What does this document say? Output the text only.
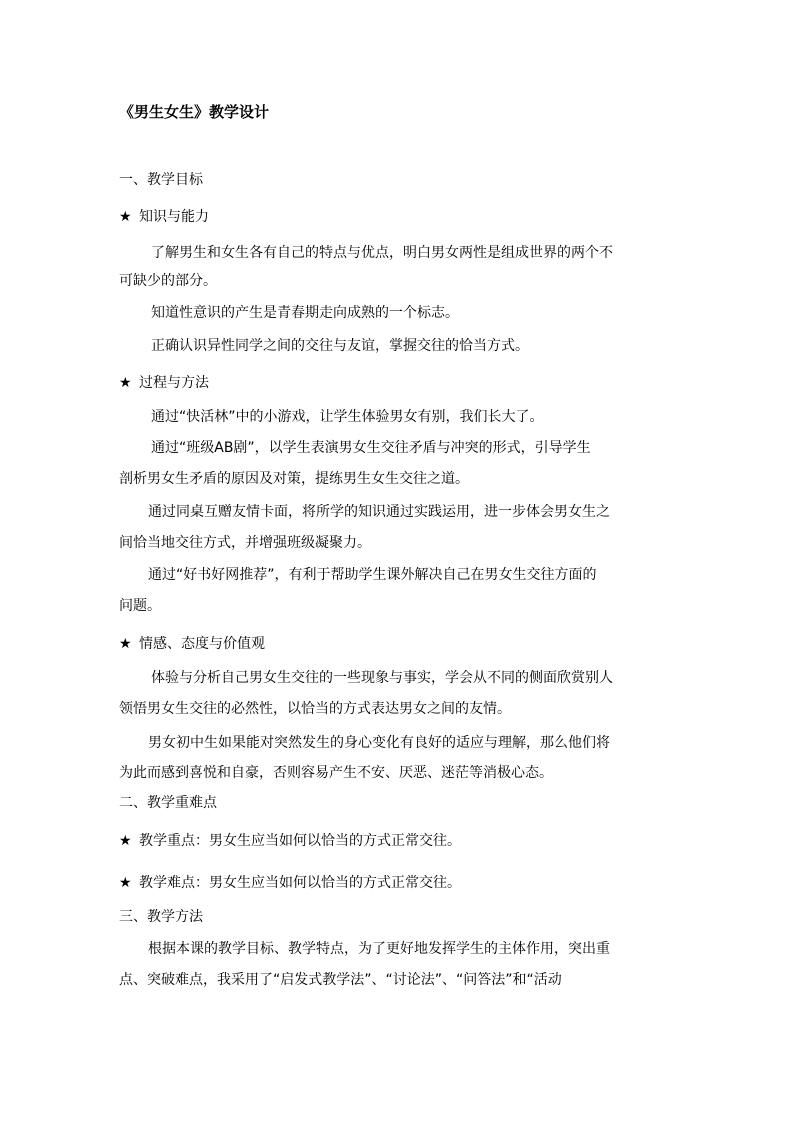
《男生女生》教学设计

一、教学目标

★ 知识与能力

了解男生和女生各有自己的特点与优点，明白男女两性是组成世界的两个不

可缺少的部分。

知道性意识的产生是青春期走向成熟的一个标志。

正确认识异性同学之间的交往与友谊，掌握交往的恰当方式。

★ 过程与方法

通过“快活林”中的小游戏，让学生体验男女有别，我们长大了。

通过“班级AB剧”，以学生表演男女生交往矛盾与冲突的形式，引导学生

剖析男女生矛盾的原因及对策，提练男生女生交往之道。

通过同桌互赠友情卡面，将所学的知识通过实践运用，进一步体会男女生之

间恰当地交往方式，并增强班级凝聚力。

通过“好书好网推荐”，有利于帮助学生课外解决自己在男女生交往方面的

问题。

★ 情感、态度与价值观

体验与分析自己男女生交往的一些现象与事实，学会从不同的侧面欣赏别人

领悟男女生交往的必然性，以恰当的方式表达男女之间的友情。

男女初中生如果能对突然发生的身心变化有良好的适应与理解，那么他们将

为此而感到喜悦和自豪，否则容易产生不安、厌恶、迷茫等消极心态。

二、教学重难点

★ 教学重点：男女生应当如何以恰当的方式正常交往。

★ 教学难点：男女生应当如何以恰当的方式正常交往。

三、教学方法

根据本课的教学目标、教学特点，为了更好地发挥学生的主体作用，突出重

点、突破难点，我采用了“启发式教学法”、“讨论法”、“问答法”和“活动
